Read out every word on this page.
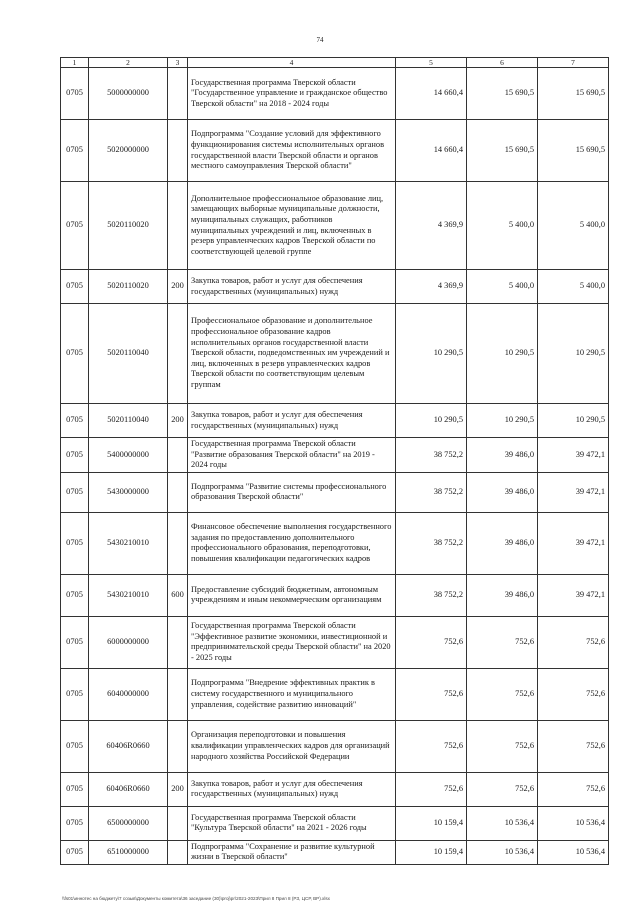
74
1	2	3	4	5	6	7
0705	5000000000		Государственная программа Тверской области "Государственное управление и гражданское общество Тверской области" на 2018 - 2024 годы	14 660,4	15 690,5	15 690,5
0705	5020000000		Подпрограмма "Создание условий для эффективного функционирования системы исполнительных органов государственной власти Тверской области и органов местного самоуправления Тверской области"	14 660,4	15 690,5	15 690,5
0705	5020110020		Дополнительное профессиональное образование лиц, замещающих выборные муниципальные должности, муниципальных служащих, работников муниципальных учреждений и лиц, включенных в резерв управленческих кадров Тверской области по соответствующей целевой группе	4 369,9	5 400,0	5 400,0
0705	5020110020	200	Закупка товаров, работ и услуг для обеспечения государственных (муниципальных) нужд	4 369,9	5 400,0	5 400,0
0705	5020110040		Профессиональное образование и дополнительное профессиональное образование кадров исполнительных органов государственной власти Тверской области, подведомственных им учреждений и лиц, включенных в резерв управленческих кадров Тверской области по соответствующим целевым группам	10 290,5	10 290,5	10 290,5
0705	5020110040	200	Закупка товаров, работ и услуг для обеспечения государственных (муниципальных) нужд	10 290,5	10 290,5	10 290,5
0705	5400000000		Государственная программа Тверской области "Развитие образования Тверской области" на 2019 - 2024 годы	38 752,2	39 486,0	39 472,1
0705	5430000000		Подпрограмма "Развитие системы профессионального образования Тверской области"	38 752,2	39 486,0	39 472,1
0705	5430210010		Финансовое обеспечение выполнения государственного задания по предоставлению дополнительного профессионального образования, переподготовки, повышения квалификации педагогических кадров	38 752,2	39 486,0	39 472,1
0705	5430210010	600	Предоставление субсидий бюджетным, автономным учреждениям и иным некоммерческим организациям	38 752,2	39 486,0	39 472,1
0705	6000000000		Государственная программа Тверской области "Эффективное развитие экономики, инвестиционной и предпринимательской среды Тверской области" на 2020 - 2025 годы	752,6	752,6	752,6
0705	6040000000		Подпрограмма "Внедрение эффективных практик в систему государственного и муниципального управления, содействие развитию инноваций"	752,6	752,6	752,6
0705	60406R0660		Организация переподготовки и повышения квалификации управленческих кадров для организаций народного хозяйства Российской Федерации	752,6	752,6	752,6
0705	60406R0660	200	Закупка товаров, работ и услуг для обеспечения государственных (муниципальных) нужд	752,6	752,6	752,6
0705	6500000000		Государственная программа Тверской области "Культура Тверской области" на 2021 - 2026 годы	10 159,4	10 536,4	10 536,4
0705	6510000000		Подпрограмма "Сохранение и развитие культурной жизни в Тверской области"	10 159,4	10 536,4	10 536,4
\\fs01\иннотес на бюджету\7 созыв\Документы комитета\36 заседание (30)\proj\pr\2021-2023\Прил 8 Прил 8 (РЗ, ЦСР, ВР).xlsx
